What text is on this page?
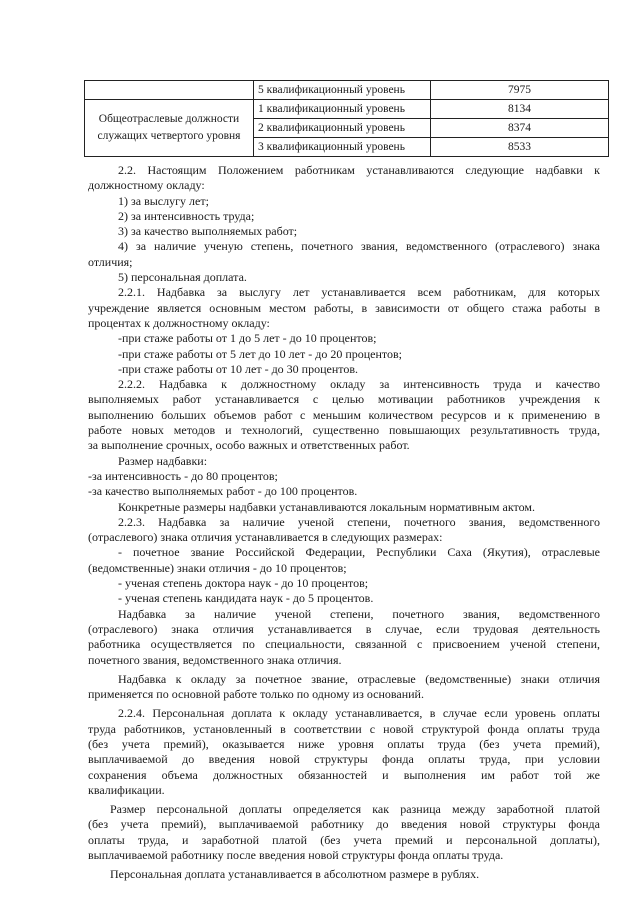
	5 квалификационный уровень	7975
Общеотраслевые должности служащих четвертого уровня	1 квалификационный уровень	8134
	2 квалификационный уровень	8374
	3 квалификационный уровень	8533

2.2. Настоящим Положением работникам устанавливаются следующие надбавки к

должностному окладу:

1) за выслугу лет;

2) за интенсивность труда;

3) за качество выполняемых работ;

4) за наличие ученую степень, почетного звания, ведомственного (отраслевого) знака

отличия;

5) персональная доплата.

2.2.1. Надбавка за выслугу лет устанавливается всем работникам, для которых

учреждение является основным местом работы, в зависимости от общего стажа работы в

процентах к должностному окладу:

-при стаже работы от 1 до 5 лет - до 10 процентов;

-при стаже работы от 5 лет до 10 лет - до 20 процентов;

-при стаже работы от 10 лет - до 30 процентов.

2.2.2. Надбавка к должностному окладу за интенсивность труда и качество

выполняемых работ устанавливается с целью мотивации работников учреждения к

выполнению больших объемов работ с меньшим количеством ресурсов и к применению в

работе новых методов и технологий, существенно повышающих результативность труда,

за выполнение срочных, особо важных и ответственных работ.

Размер надбавки:

-за интенсивность - до 80 процентов;

-за качество выполняемых работ - до 100 процентов.

Конкретные размеры надбавки устанавливаются локальным нормативным актом.

2.2.3. Надбавка за наличие ученой степени, почетного звания, ведомственного

(отраслевого) знака отличия устанавливается в следующих размерах:

- почетное звание Российской Федерации, Республики Саха (Якутия), отраслевые

(ведомственные) знаки отличия - до 10 процентов;

- ученая степень доктора наук - до 10 процентов;

- ученая степень кандидата наук - до 5 процентов.

Надбавка за наличие ученой степени, почетного звания, ведомственного

(отраслевого) знака отличия устанавливается в случае, если трудовая деятельность

работника осуществляется по специальности, связанной с присвоением ученой степени,

почетного звания, ведомственного знака отличия.

Надбавка к окладу за почетное звание, отраслевые (ведомственные) знаки отличия

применяется по основной работе только по одному из оснований.

2.2.4. Персональная доплата к окладу устанавливается, в случае если уровень оплаты

труда работников, установленный в соответствии с новой структурой фонда оплаты труда

(без учета премий), оказывается ниже уровня оплаты труда (без учета премий),

выплачиваемой до введения новой структуры фонда оплаты труда, при условии

сохранения объема должностных обязанностей и выполнения им работ той же

квалификации.

Размер персональной доплаты определяется как разница между заработной платой

(без учета премий), выплачиваемой работнику до введения новой структуры фонда

оплаты труда, и заработной платой (без учета премий и персональной доплаты),

выплачиваемой работнику после введения новой структуры фонда оплаты труда.

Персональная доплата устанавливается в абсолютном размере в рублях.
